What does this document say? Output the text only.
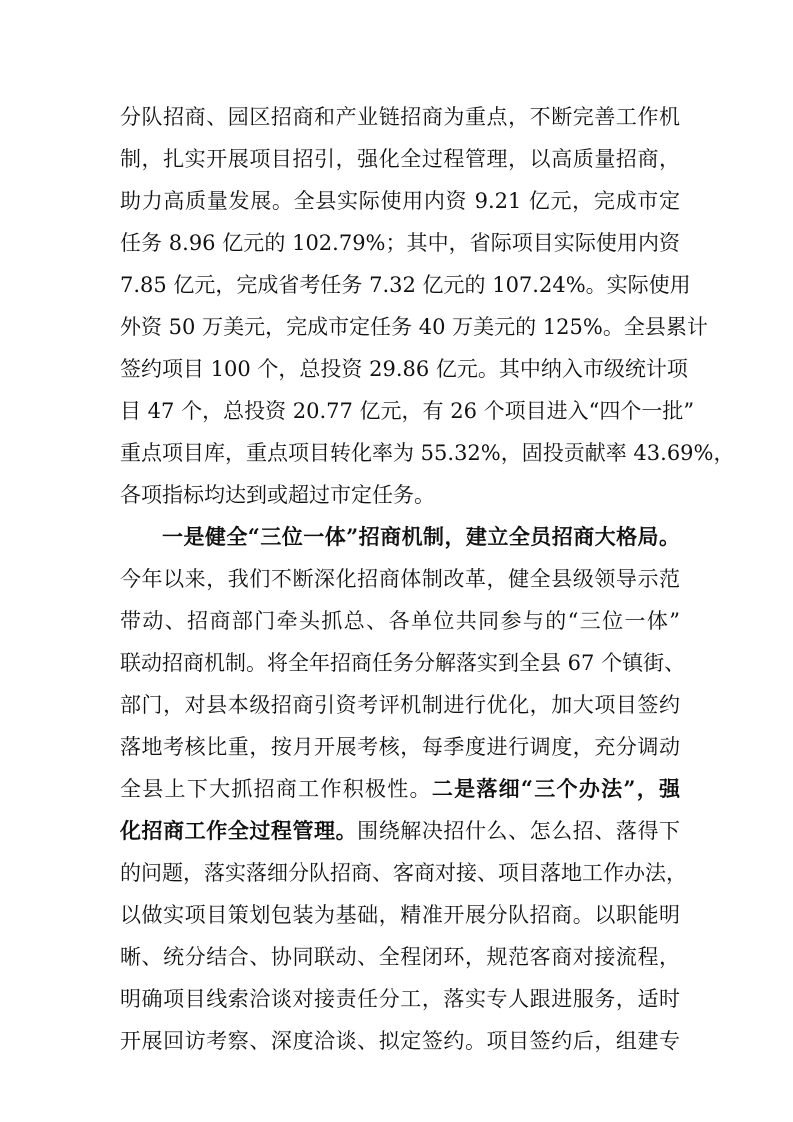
分队招商、园区招商和产业链招商为重点，不断完善工作机

制，扎实开展项目招引，强化全过程管理，以高质量招商，

助力高质量发展。全县实际使用内资 9.21 亿元，完成市定

任务 8.96 亿元的 102.79%；其中，省际项目实际使用内资

7.85 亿元，完成省考任务 7.32 亿元的 107.24%。实际使用

外资 50 万美元，完成市定任务 40 万美元的 125%。全县累计

签约项目 100 个，总投资 29.86 亿元。其中纳入市级统计项

目 47 个，总投资 20.77 亿元，有 26 个项目进入“四个一批”

重点项目库，重点项目转化率为 55.32%，固投贡献率 43.69%，

各项指标均达到或超过市定任务。

一是健全“三位一体”招商机制，建立全员招商大格局。

今年以来，我们不断深化招商体制改革，健全县级领导示范

带动、招商部门牵头抓总、各单位共同参与的“三位一体”

联动招商机制。将全年招商任务分解落实到全县 67 个镇街、

部门，对县本级招商引资考评机制进行优化，加大项目签约

落地考核比重，按月开展考核，每季度进行调度，充分调动

全县上下大抓招商工作积极性。二是落细“三个办法”，强

化招商工作全过程管理。围绕解决招什么、怎么招、落得下

的问题，落实落细分队招商、客商对接、项目落地工作办法，

以做实项目策划包装为基础，精准开展分队招商。以职能明

晰、统分结合、协同联动、全程闭环，规范客商对接流程，

明确项目线索洽谈对接责任分工，落实专人跟进服务，适时

开展回访考察、深度洽谈、拟定签约。项目签约后，组建专
